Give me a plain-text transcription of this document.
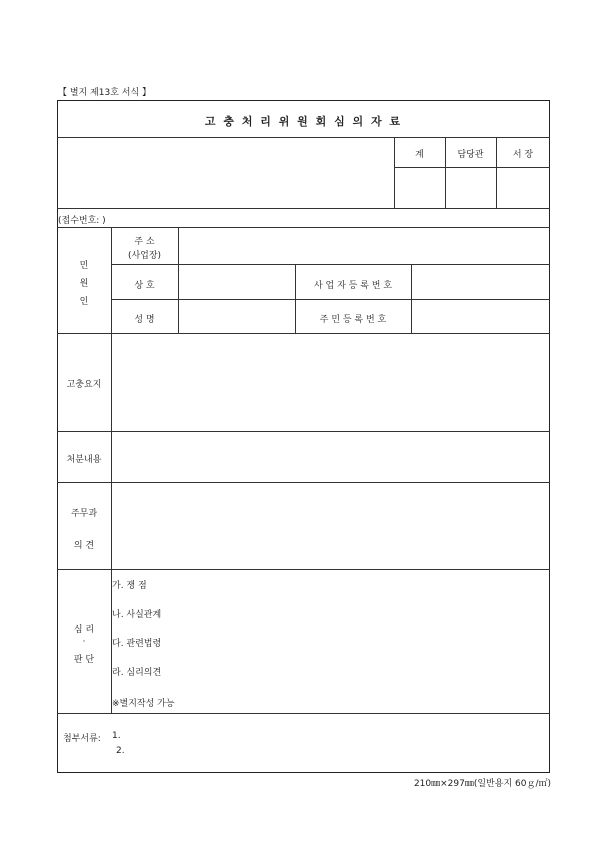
【 별지 제13호 서식 】
고 충 처 리 위 원 회 심 의 자 료
계	담당관	서 장
(접수번호: )
민
원
인
주 소
(사업장)
상 호	사 업 자 등 록 번 호
성 명	주 민 등 록 번 호
고충요지
처분내용
주무과
의 견
심 리
·
판 단
가. 쟁 점
나. 사실관계
다. 관련법령
라. 심리의견
※별지작성 가능
첨부서류: 1.
2.
210㎜×297㎜(일반용지 60ｇ/㎡)
